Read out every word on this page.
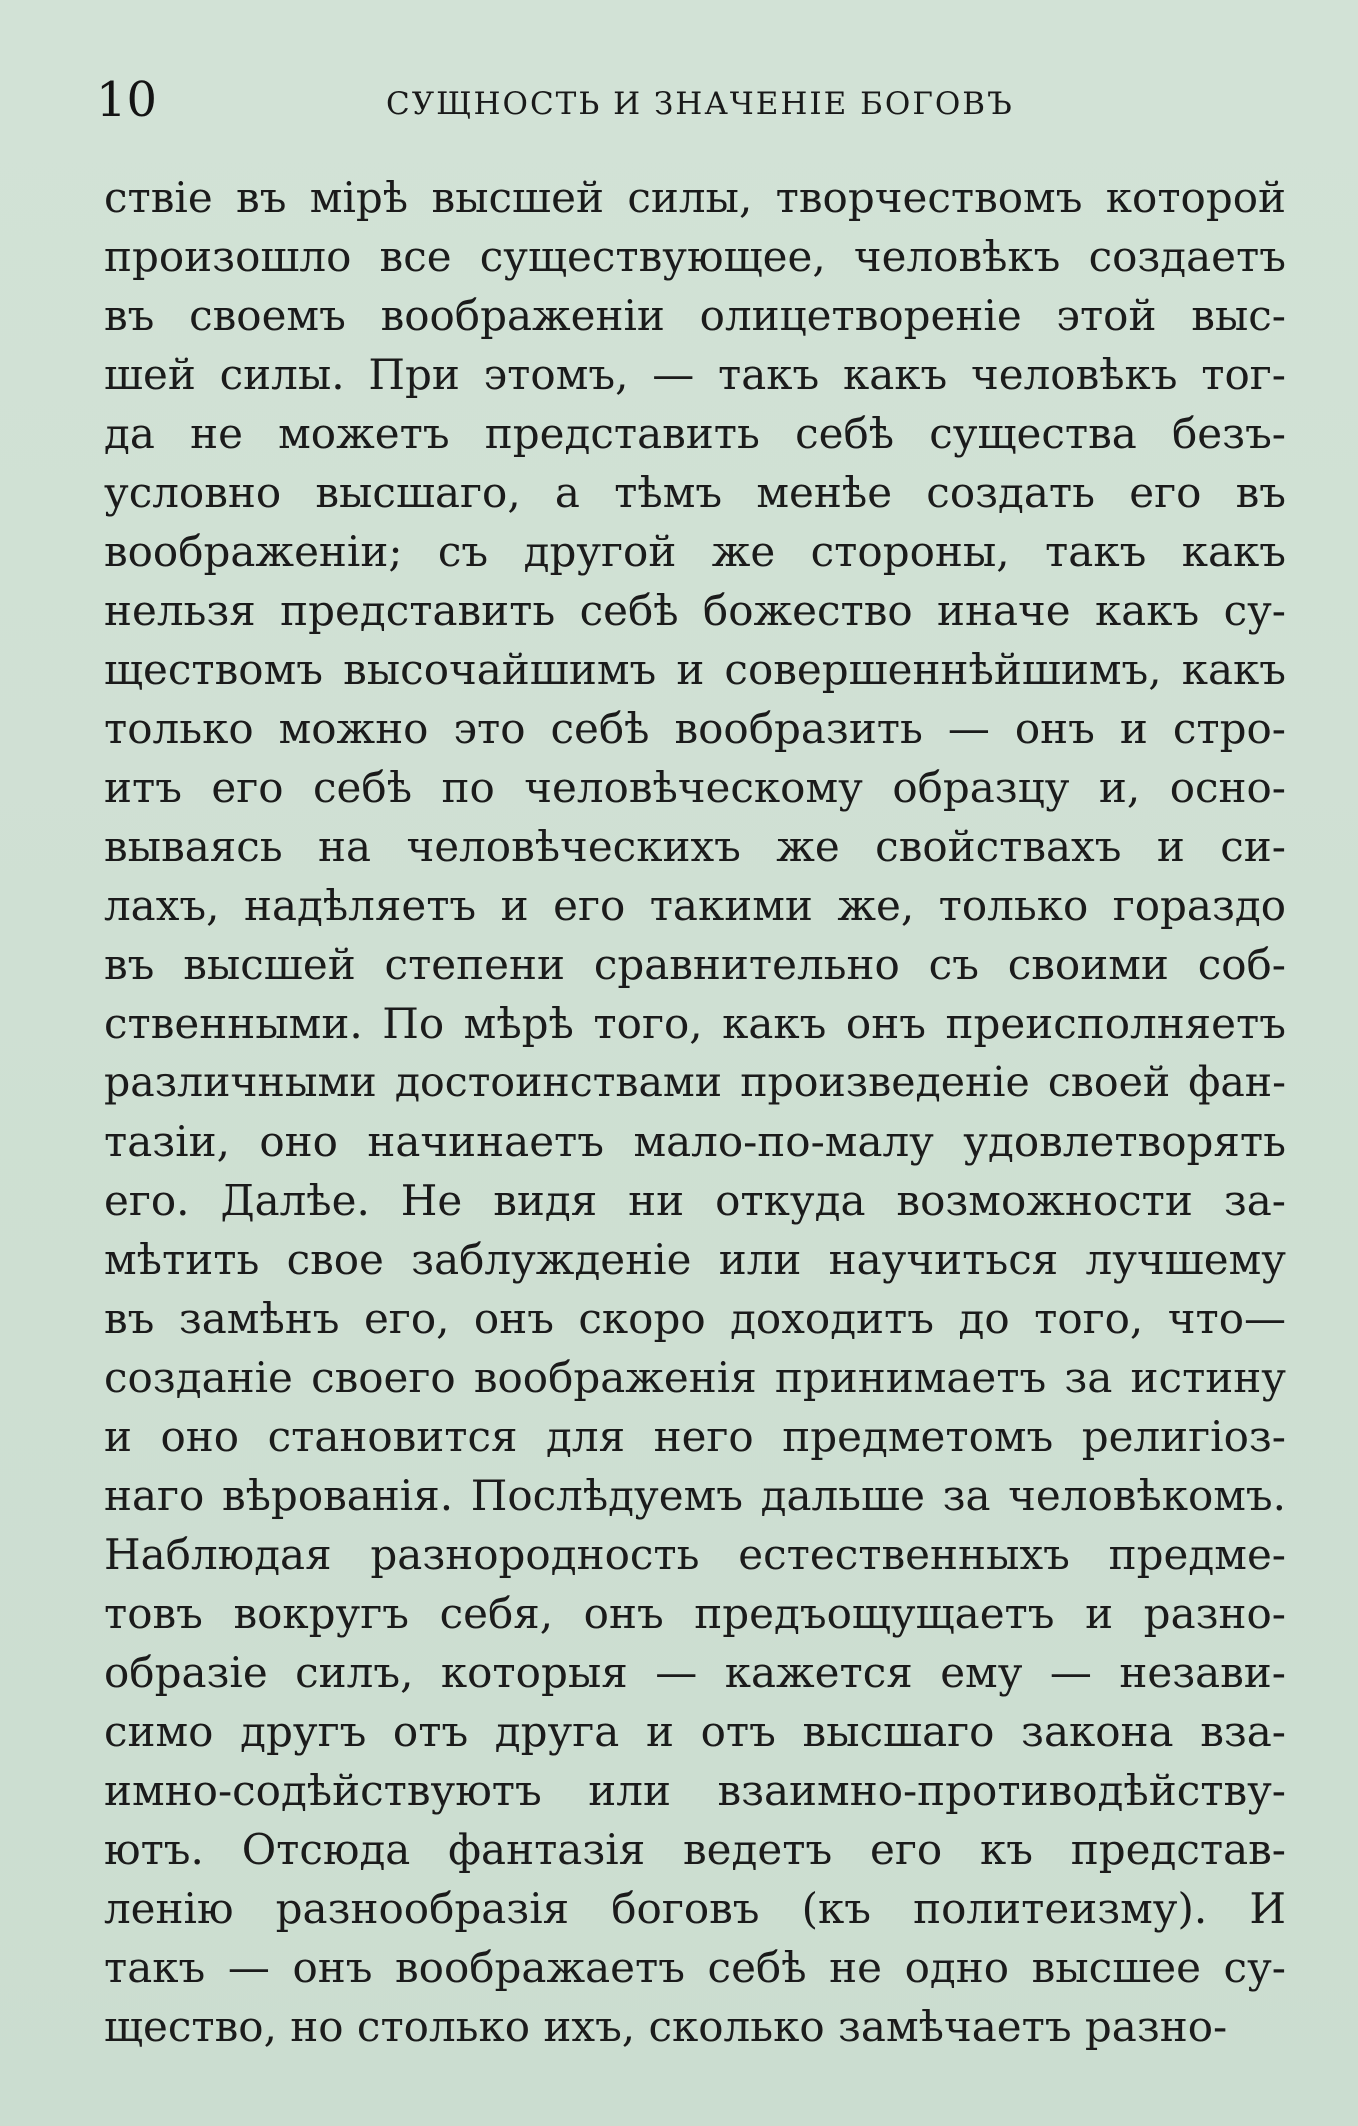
10	СУЩНОСТЬ И ЗНАЧЕНІЕ БОГОВЪ
ствіе въ мірѣ высшей силы, творчествомъ которой
произошло все существующее, человѣкъ создаетъ
въ своемъ воображеніи олицетвореніе этой выс-
шей силы. При этомъ, — такъ какъ человѣкъ тог-
да не можетъ представить себѣ существа безъ-
условно высшаго, а тѣмъ менѣе создать его въ
воображеніи; съ другой же стороны, такъ какъ
нельзя представить себѣ божество иначе какъ су-
ществомъ высочайшимъ и совершеннѣйшимъ, какъ
только можно это себѣ вообразить — онъ и стро-
итъ его себѣ по человѣческому образцу и, осно-
вываясь на человѣческихъ же свойствахъ и си-
лахъ, надѣляетъ и его такими же, только гораздо
въ высшей степени сравнительно съ своими соб-
ственными. По мѣрѣ того, какъ онъ преисполняетъ
различными достоинствами произведеніе своей фан-
тазіи, оно начинаетъ мало-по-малу удовлетворять
его. Далѣе. Не видя ни откуда возможности за-
мѣтить свое заблужденіе или научиться лучшему
въ замѣнъ его, онъ скоро доходитъ до того, что—
созданіе своего воображенія принимаетъ за истину
и оно становится для него предметомъ религіоз-
наго вѣрованія. Послѣдуемъ дальше за человѣкомъ.
Наблюдая разнородность естественныхъ предме-
товъ вокругъ себя, онъ предъощущаетъ и разно-
образіе силъ, которыя — кажется ему — незави-
симо другъ отъ друга и отъ высшаго закона вза-
имно-содѣйствуютъ или взаимно-противодѣйству-
ютъ. Отсюда фантазія ведетъ его къ представ-
ленію разнообразія боговъ (къ политеизму). И
такъ — онъ воображаетъ себѣ не одно высшее су-
щество, но столько ихъ, сколько замѣчаетъ разно-
